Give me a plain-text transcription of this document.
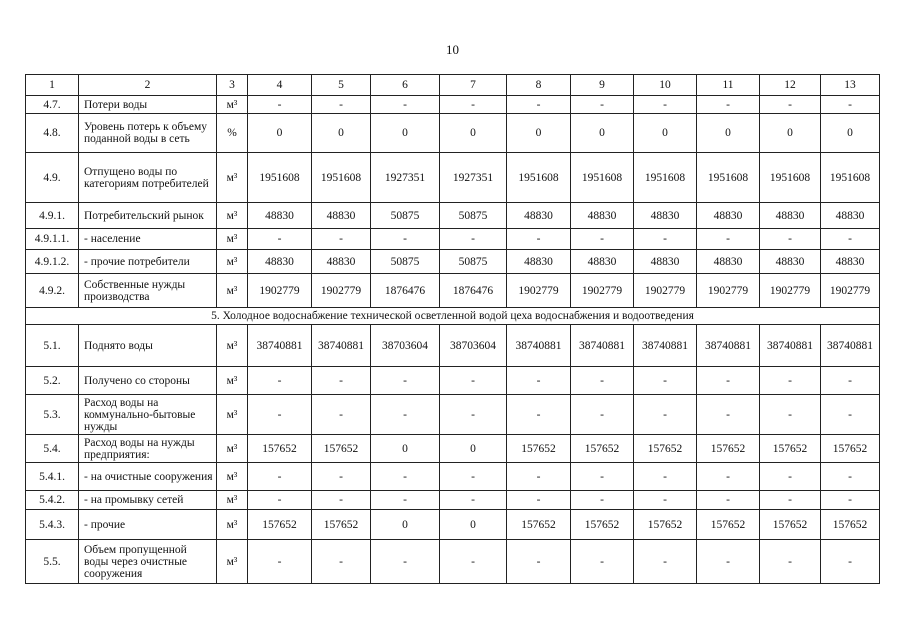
10
1	2	3	4	5	6	7	8	9	10	11	12	13
4.7.	Потери воды	м³	-	-	-	-	-	-	-	-	-	-
4.8.	Уровень потерь к объему поданной воды в сеть	%	0	0	0	0	0	0	0	0	0	0
4.9.	Отпущено воды по категориям потребителей	м³	1951608	1951608	1927351	1927351	1951608	1951608	1951608	1951608	1951608	1951608
4.9.1.	Потребительский рынок	м³	48830	48830	50875	50875	48830	48830	48830	48830	48830	48830
4.9.1.1.	- население	м³	-	-	-	-	-	-	-	-	-	-
4.9.1.2.	- прочие потребители	м³	48830	48830	50875	50875	48830	48830	48830	48830	48830	48830
4.9.2.	Собственные нужды производства	м³	1902779	1902779	1876476	1876476	1902779	1902779	1902779	1902779	1902779	1902779
5. Холодное водоснабжение технической осветленной водой цеха водоснабжения и водоотведения												
5.1.	Поднято воды	м³	38740881	38740881	38703604	38703604	38740881	38740881	38740881	38740881	38740881	38740881
5.2.	Получено со стороны	м³	-	-	-	-	-	-	-	-	-	-
5.3.	Расход воды на коммунально-бытовые нужды	м³	-	-	-	-	-	-	-	-	-	-
5.4.	Расход воды на нужды предприятия:	м³	157652	157652	0	0	157652	157652	157652	157652	157652	157652
5.4.1.	- на очистные сооружения	м³	-	-	-	-	-	-	-	-	-	-
5.4.2.	- на промывку сетей	м³	-	-	-	-	-	-	-	-	-	-
5.4.3.	- прочие	м³	157652	157652	0	0	157652	157652	157652	157652	157652	157652
5.5.	Объем пропущенной воды через очистные сооружения	м³	-	-	-	-	-	-	-	-	-	-
